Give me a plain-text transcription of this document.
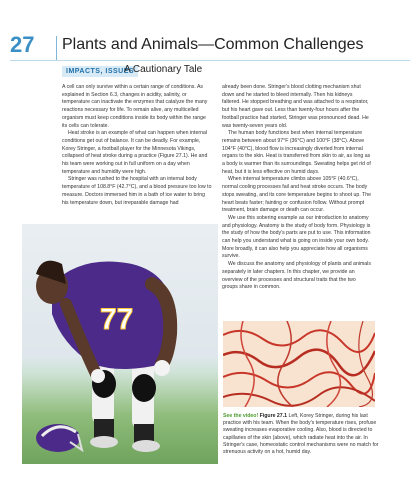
27 Plants and Animals—Common Challenges
IMPACTS, ISSUES
A Cautionary Tale

A cell can only survive within a certain range of conditions. As explained in Section 6.3, changes in acidity, salinity, or temperature can inactivate the enzymes that catalyze the many reactions necessary for life. To remain alive, any multicelled organism must keep conditions inside its body within the range its cells can tolerate.

Heat stroke is an example of what can happen when internal conditions get out of balance. It can be deadly. For example, Korey Stringer, a football player for the Minnesota Vikings, collapsed of heat stroke during a practice (Figure 27.1). He and his team were working out in full uniform on a day when temperature and humidity were high.

Stringer was rushed to the hospital with an internal body temperature of 108.8°F (42.7°C), and a blood pressure too low to measure. Doctors immersed him in a bath of ice water to bring his temperature down, but irreparable damage had

already been done. Stringer's blood clotting mechanism shut down and he started to bleed internally. Then his kidneys faltered. He stopped breathing and was attached to a respirator, but his heart gave out. Less than twenty-four hours after the football practice had started, Stringer was pronounced dead. He was twenty-seven years old.

The human body functions best when internal temperature remains between about 97°F (36°C) and 100°F (38°C). Above 104°F (40°C), blood flow is increasingly diverted from internal organs to the skin. Heat is transferred from skin to air, as long as a body is warmer than its surroundings. Sweating helps get rid of heat, but it is less effective on humid days.

When internal temperature climbs above 105°F (40.6°C), normal cooling processes fail and heat stroke occurs. The body stops sweating, and its core temperature begins to shoot up. The heart beats faster; fainting or confusion follow. Without prompt treatment, brain damage or death can occur.

We use this sobering example as our introduction to anatomy and physiology. Anatomy is the study of body form. Physiology is the study of how the body's parts are put to use. This information can help you understand what is going on inside your own body. More broadly, it can also help you appreciate how all organisms survive.

We discuss the anatomy and physiology of plants and animals separately in later chapters. In this chapter, we provide an overview of the processes and structural traits that the two groups share in common.

77
See the video! Figure 27.1 Left, Korey Stringer, during his last practice with his team. When the body's temperature rises, profuse sweating increases evaporative cooling. Also, blood is directed to capillaries of the skin (above), which radiate heat into the air. In Stringer's case, homeostatic control mechanisms were no match for strenuous activity on a hot, humid day.
